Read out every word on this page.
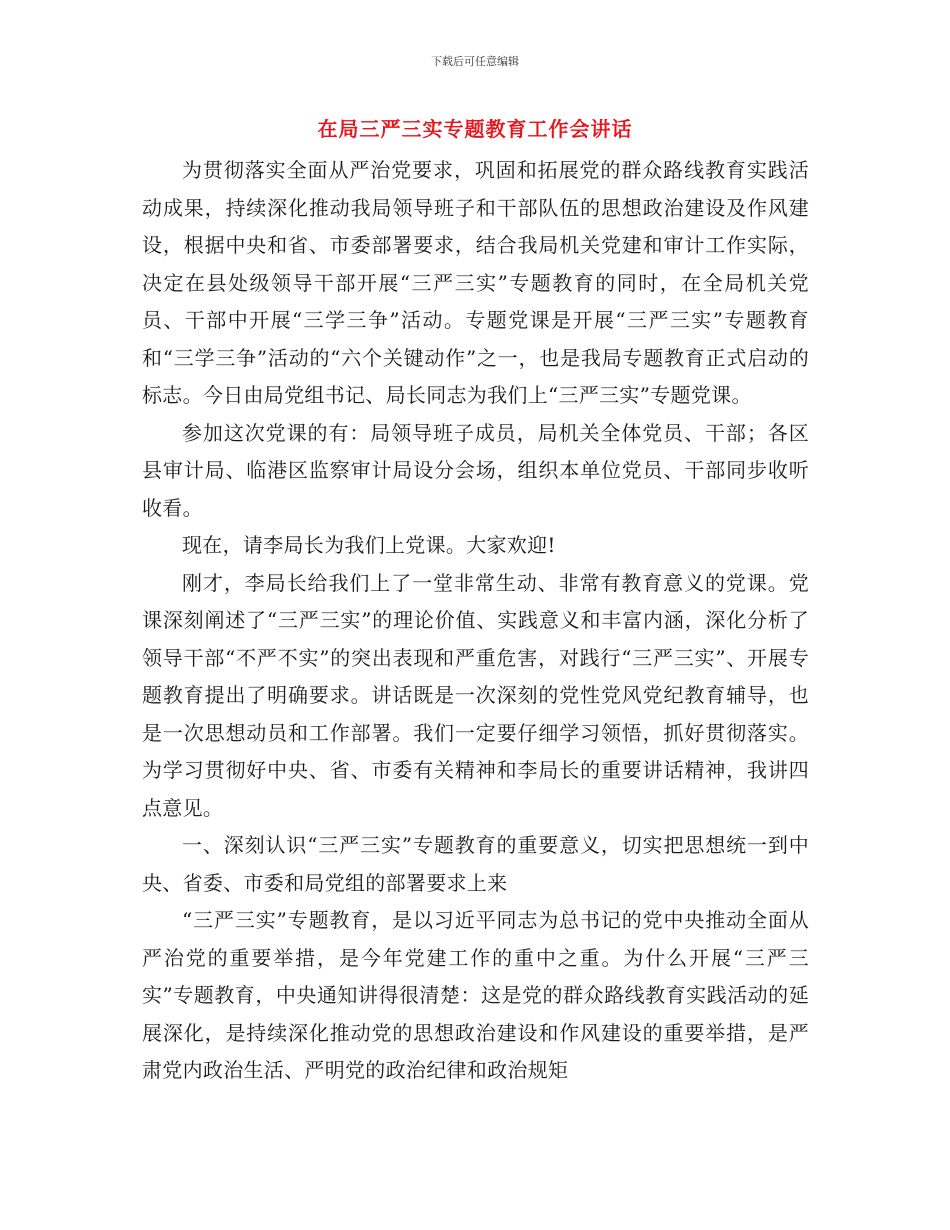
下载后可任意编辑
在局三严三实专题教育工作会讲话

为贯彻落实全面从严治党要求，巩固和拓展党的群众路线教育实践活动成果，持续深化推动我局领导班子和干部队伍的思想政治建设及作风建设，根据中央和省、市委部署要求，结合我局机关党建和审计工作实际，决定在县处级领导干部开展“三严三实”专题教育的同时，在全局机关党员、干部中开展“三学三争”活动。专题党课是开展“三严三实”专题教育和“三学三争”活动的“六个关键动作”之一，也是我局专题教育正式启动的标志。今日由局党组书记、局长同志为我们上“三严三实”专题党课。

参加这次党课的有：局领导班子成员，局机关全体党员、干部；各区县审计局、临港区监察审计局设分会场，组织本单位党员、干部同步收听收看。

现在，请李局长为我们上党课。大家欢迎!

刚才，李局长给我们上了一堂非常生动、非常有教育意义的党课。党课深刻阐述了“三严三实”的理论价值、实践意义和丰富内涵，深化分析了领导干部“不严不实”的突出表现和严重危害，对践行“三严三实”、开展专题教育提出了明确要求。讲话既是一次深刻的党性党风党纪教育辅导，也是一次思想动员和工作部署。我们一定要仔细学习领悟，抓好贯彻落实。为学习贯彻好中央、省、市委有关精神和李局长的重要讲话精神，我讲四点意见。

一、深刻认识“三严三实”专题教育的重要意义，切实把思想统一到中央、省委、市委和局党组的部署要求上来

“三严三实”专题教育，是以习近平同志为总书记的党中央推动全面从严治党的重要举措，是今年党建工作的重中之重。为什么开展“三严三实”专题教育，中央通知讲得很清楚：这是党的群众路线教育实践活动的延展深化，是持续深化推动党的思想政治建设和作风建设的重要举措，是严肃党内政治生活、严明党的政治纪律和政治规矩
